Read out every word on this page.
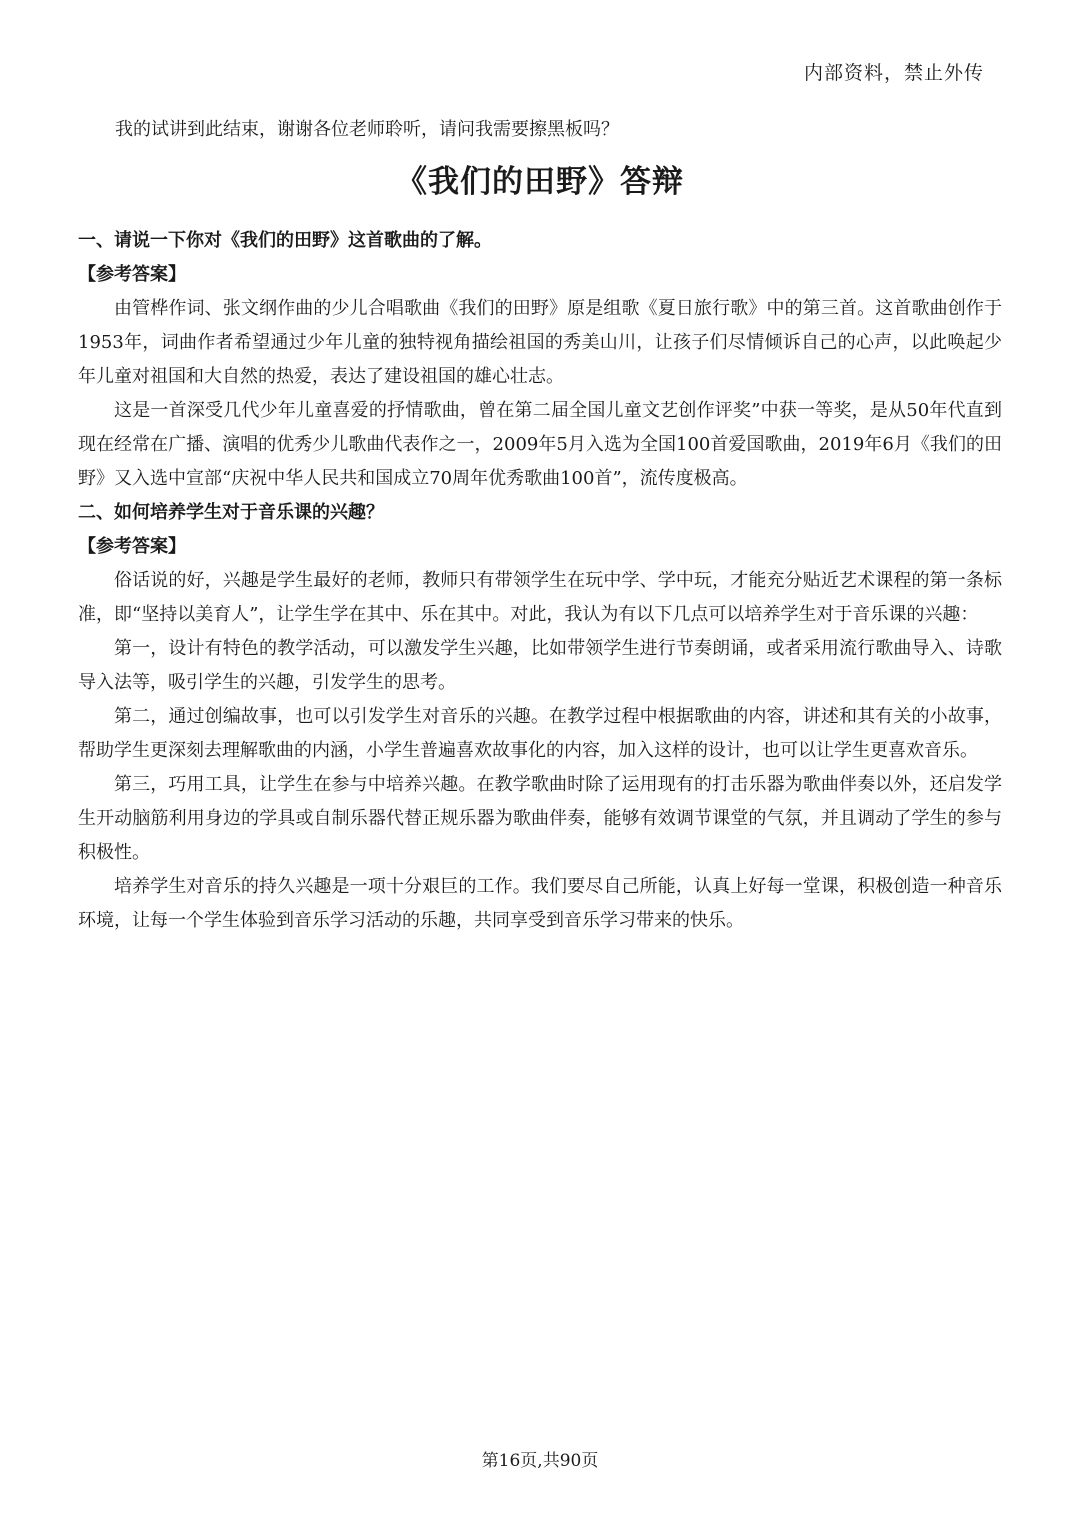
内部资料，禁止外传
我的试讲到此结束，谢谢各位老师聆听，请问我需要擦黑板吗？
《我们的田野》答辩

一、请说一下你对《我们的田野》这首歌曲的了解。

【参考答案】

由管桦作词、张文纲作曲的少儿合唱歌曲《我们的田野》原是组歌《夏日旅行歌》中的第三首。这首歌曲创作于1953年，词曲作者希望通过少年儿童的独特视角描绘祖国的秀美山川，让孩子们尽情倾诉自己的心声，以此唤起少年儿童对祖国和大自然的热爱，表达了建设祖国的雄心壮志。

这是一首深受几代少年儿童喜爱的抒情歌曲，曾在第二届全国儿童文艺创作评奖”中获一等奖，是从50年代直到现在经常在广播、演唱的优秀少儿歌曲代表作之一，2009年5月入选为全国100首爱国歌曲，2019年6月《我们的田野》又入选中宣部“庆祝中华人民共和国成立70周年优秀歌曲100首”，流传度极高。

二、如何培养学生对于音乐课的兴趣？

【参考答案】

俗话说的好，兴趣是学生最好的老师，教师只有带领学生在玩中学、学中玩，才能充分贴近艺术课程的第一条标准，即“坚持以美育人”，让学生学在其中、乐在其中。对此，我认为有以下几点可以培养学生对于音乐课的兴趣：

第一，设计有特色的教学活动，可以激发学生兴趣，比如带领学生进行节奏朗诵，或者采用流行歌曲导入、诗歌导入法等，吸引学生的兴趣，引发学生的思考。

第二，通过创编故事，也可以引发学生对音乐的兴趣。在教学过程中根据歌曲的内容，讲述和其有关的小故事，帮助学生更深刻去理解歌曲的内涵，小学生普遍喜欢故事化的内容，加入这样的设计，也可以让学生更喜欢音乐。

第三，巧用工具，让学生在参与中培养兴趣。在教学歌曲时除了运用现有的打击乐器为歌曲伴奏以外，还启发学生开动脑筋利用身边的学具或自制乐器代替正规乐器为歌曲伴奏，能够有效调节课堂的气氛，并且调动了学生的参与积极性。

培养学生对音乐的持久兴趣是一项十分艰巨的工作。我们要尽自己所能，认真上好每一堂课，积极创造一种音乐环境，让每一个学生体验到音乐学习活动的乐趣，共同享受到音乐学习带来的快乐。

第16页,共90页
